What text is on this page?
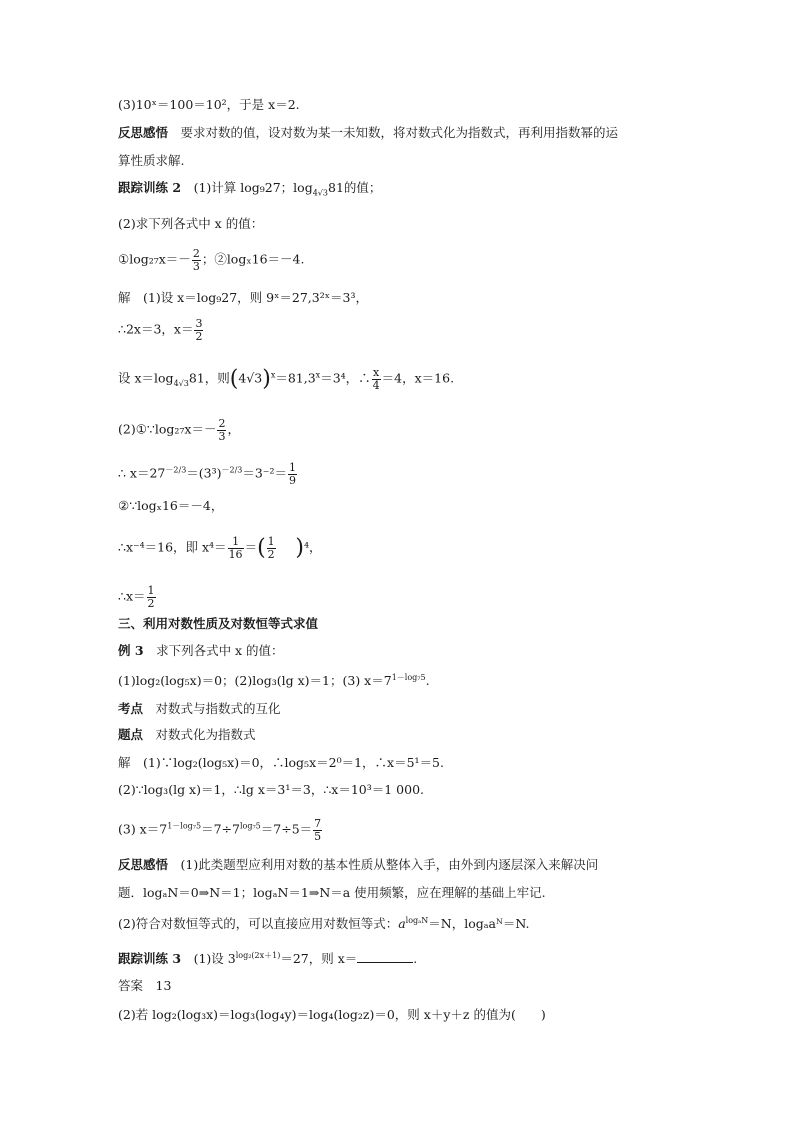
(3)10ˣ＝100＝10²，于是 x＝2.
反思感悟  要求对数的值，设对数为某一未知数，将对数式化为指数式，再利用指数幂的运
算性质求解.
跟踪训练 2  (1)计算 log₉27；$\log_{4√3}81$的值；
(2)求下列各式中 x 的值：
①log₂₇x＝－ $\frac{2}{3}$ ；②logₓ16＝－4.
解　(1)设 x＝log₉27，则 9ˣ＝27,3²ˣ＝3³，
∴2x＝3，$x= \frac{3}{2}$
设 $x=\log_{4√3}81$，则$(4√3)^x=81,3^x=3^4$，∴ $\frac{x}{4} =4$，x＝16.
(2)①∵log₂₇x＝－ $\frac{2}{3}$ ，
∴ $x=27^{-2/3}=(3^3)^{-2/3}=3^{-2}= \frac{1}{9}$
②∵logₓ16＝－4，
∴x⁻⁴＝16，即 $x^4= \frac{1}{16}$ ＝( $\frac{1}{2}$
   )⁴，
∴x＝ $\frac{1}{2}$
三、利用对数性质及对数恒等式求值
例 3  求下列各式中 x 的值：
(1)log₂(log₅x)＝0；(2)log₃(lg x)＝1；(3) $x=7^{1-log_75}$.
考点  对数式与指数式的互化
题点  对数式化为指数式
解　(1)∵log₂(log₅x)＝0，∴log₅x＝2⁰＝1，∴x＝5¹＝5.
(2)∵log₃(lg x)＝1，∴lg x＝3¹＝3，∴x＝10³＝1 000.
(3) $x=7^{1-log_75}=7\div 7^{log_75}=7\div 5= \frac{7}{5}$
反思感悟  (1)此类题型应利用对数的基本性质从整体入手，由外到内逐层深入来解决问
题．logₐN＝0⇒N＝1；logₐN＝1⇒N＝a 使用频繁，应在理解的基础上牢记.
(2)符合对数恒等式的，可以直接应用对数恒等式：$a^{log_aN}=N$，logₐaᴺ＝N.
跟踪训练 3  (1)设 $3^{log_2(2x+1)}=27$，则 x＝	.
答案　13
(2)若 log₂(log₃x)＝log₃(log₄y)＝log₄(log₂z)＝0，则 x＋y＋z 的值为(　　)
